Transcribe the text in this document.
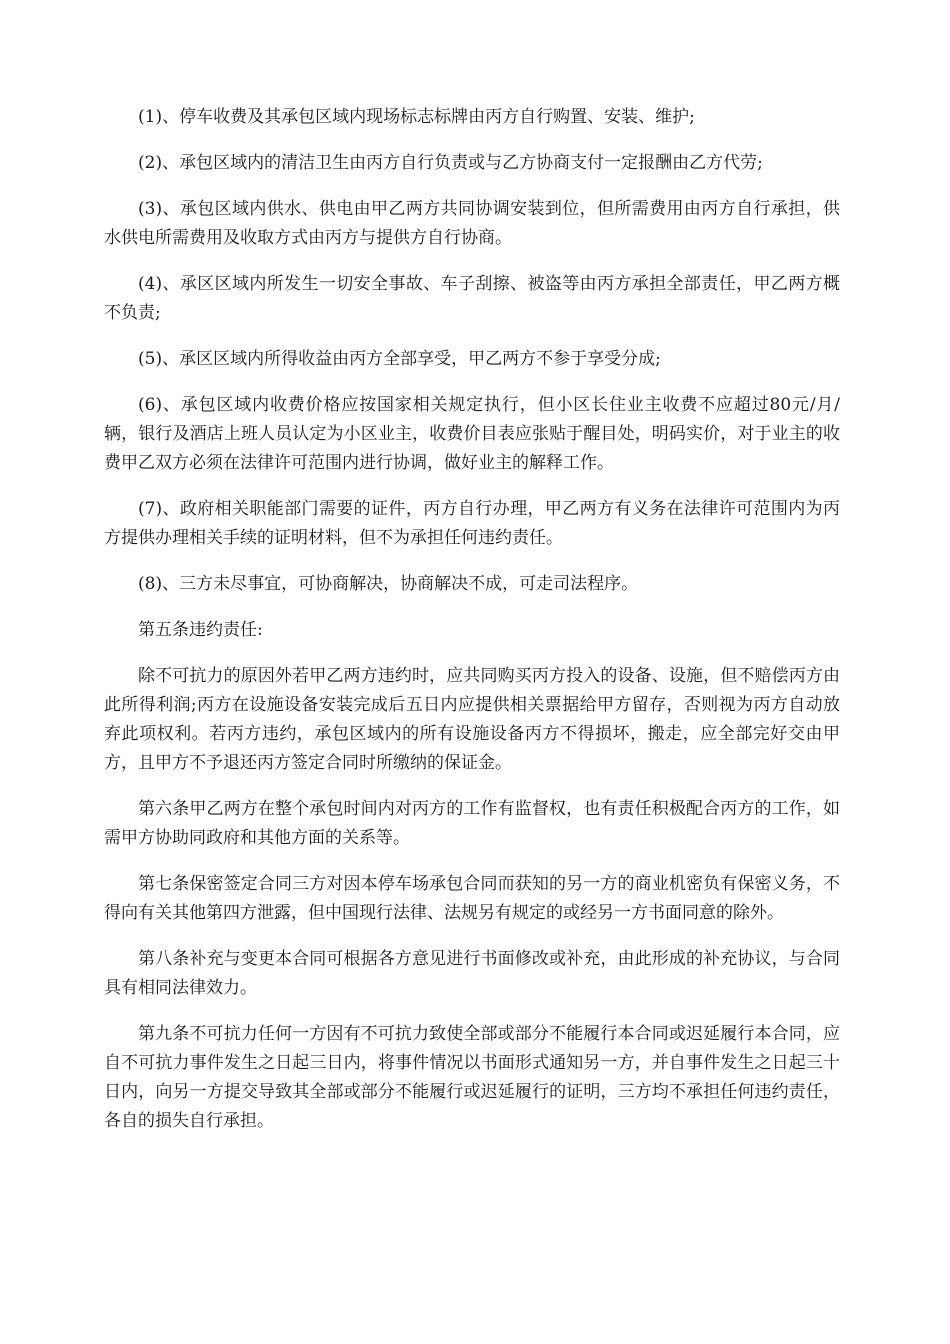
(1)、停车收费及其承包区域内现场标志标牌由丙方自行购置、安装、维护;

(2)、承包区域内的清洁卫生由丙方自行负责或与乙方协商支付一定报酬由乙方代劳;

(3)、承包区域内供水、供电由甲乙两方共同协调安装到位，但所需费用由丙方自行承担，供水供电所需费用及收取方式由丙方与提供方自行协商。

(4)、承区区域内所发生一切安全事故、车子刮擦、被盗等由丙方承担全部责任，甲乙两方概不负责;

(5)、承区区域内所得收益由丙方全部享受，甲乙两方不参于享受分成;

(6)、承包区域内收费价格应按国家相关规定执行，但小区长住业主收费不应超过80元/月/辆，银行及酒店上班人员认定为小区业主，收费价目表应张贴于醒目处，明码实价，对于业主的收费甲乙双方必须在法律许可范围内进行协调，做好业主的解释工作。

(7)、政府相关职能部门需要的证件，丙方自行办理，甲乙两方有义务在法律许可范围内为丙方提供办理相关手续的证明材料，但不为承担任何违约责任。

(8)、三方未尽事宜，可协商解决，协商解决不成，可走司法程序。

第五条违约责任:

除不可抗力的原因外若甲乙两方违约时，应共同购买丙方投入的设备、设施，但不赔偿丙方由此所得利润;丙方在设施设备安装完成后五日内应提供相关票据给甲方留存，否则视为丙方自动放弃此项权利。若丙方违约，承包区域内的所有设施设备丙方不得损坏，搬走，应全部完好交由甲方，且甲方不予退还丙方签定合同时所缴纳的保证金。

第六条甲乙两方在整个承包时间内对丙方的工作有监督权，也有责任积极配合丙方的工作，如需甲方协助同政府和其他方面的关系等。

第七条保密签定合同三方对因本停车场承包合同而获知的另一方的商业机密负有保密义务，不得向有关其他第四方泄露，但中国现行法律、法规另有规定的或经另一方书面同意的除外。

第八条补充与变更本合同可根据各方意见进行书面修改或补充，由此形成的补充协议，与合同具有相同法律效力。

第九条不可抗力任何一方因有不可抗力致使全部或部分不能履行本合同或迟延履行本合同，应自不可抗力事件发生之日起三日内，将事件情况以书面形式通知另一方，并自事件发生之日起三十日内，向另一方提交导致其全部或部分不能履行或迟延履行的证明，三方均不承担任何违约责任，各自的损失自行承担。
